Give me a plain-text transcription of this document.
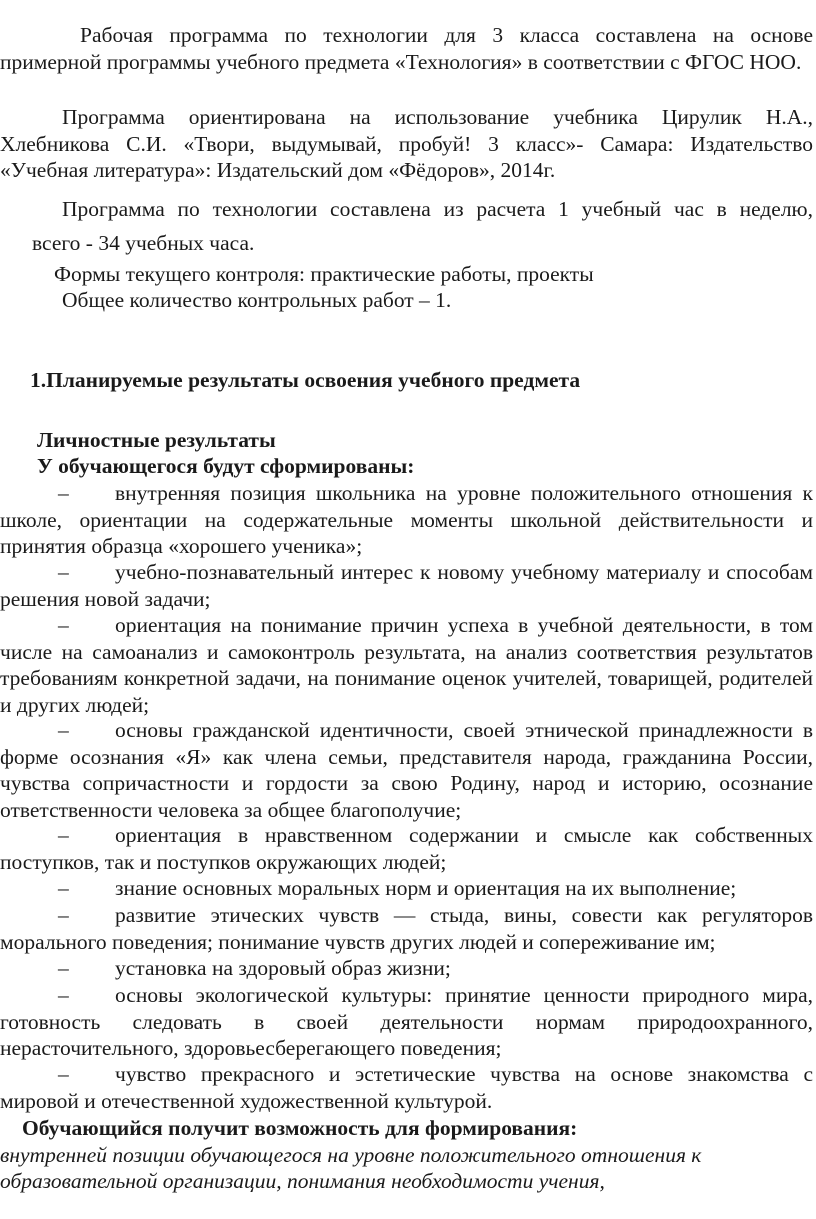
Рабочая программа по технологии для 3 класса составлена на основе примерной программы учебного предмета «Технология» в соответствии с ФГОС НОО.

Программа ориентирована на использование учебника Цирулик Н.А., Хлебникова С.И. «Твори, выдумывай, пробуй! 3 класс»- Самара: Издательство «Учебная литература»: Издательский дом «Фёдоров», 2014г.

Программа по технологии составлена из расчета 1 учебный час в неделю,

всего - 34 учебных часа.

Формы текущего контроля: практические работы, проекты

Общее количество контрольных работ – 1.

1.Планируемые результаты освоения учебного предмета

Личностные результаты

У обучающегося будут сформированы:

– внутренняя позиция школьника на уровне положительного отношения к школе, ориентации на содержательные моменты школьной действительности и принятия образца «хорошего ученика»;

– учебно-познавательный интерес к новому учебному материалу и способам решения новой задачи;

– ориентация на понимание причин успеха в учебной деятельности, в том числе на самоанализ и самоконтроль результата, на анализ соответствия результатов требованиям конкретной задачи, на понимание оценок учителей, товарищей, родителей и других людей;

– основы гражданской идентичности, своей этнической принадлежности в форме осознания «Я» как члена семьи, представителя народа, гражданина России, чувства сопричастности и гордости за свою Родину, народ и историю, осознание ответственности человека за общее благополучие;

– ориентация в нравственном содержании и смысле как собственных поступков, так и поступков окружающих людей;

– знание основных моральных норм и ориентация на их выполнение;

– развитие этических чувств — стыда, вины, совести как регуляторов морального поведения; понимание чувств других людей и сопереживание им;

– установка на здоровый образ жизни;

– основы экологической культуры: принятие ценности природного мира, готовность следовать в своей деятельности нормам природоохранного, нерасточительного, здоровьесберегающего поведения;

– чувство прекрасного и эстетические чувства на основе знакомства с мировой и отечественной художественной культурой.

Обучающийся получит возможность для формирования:

внутренней позиции обучающегося на уровне положительного отношения к

образовательной организации, понимания необходимости учения,
